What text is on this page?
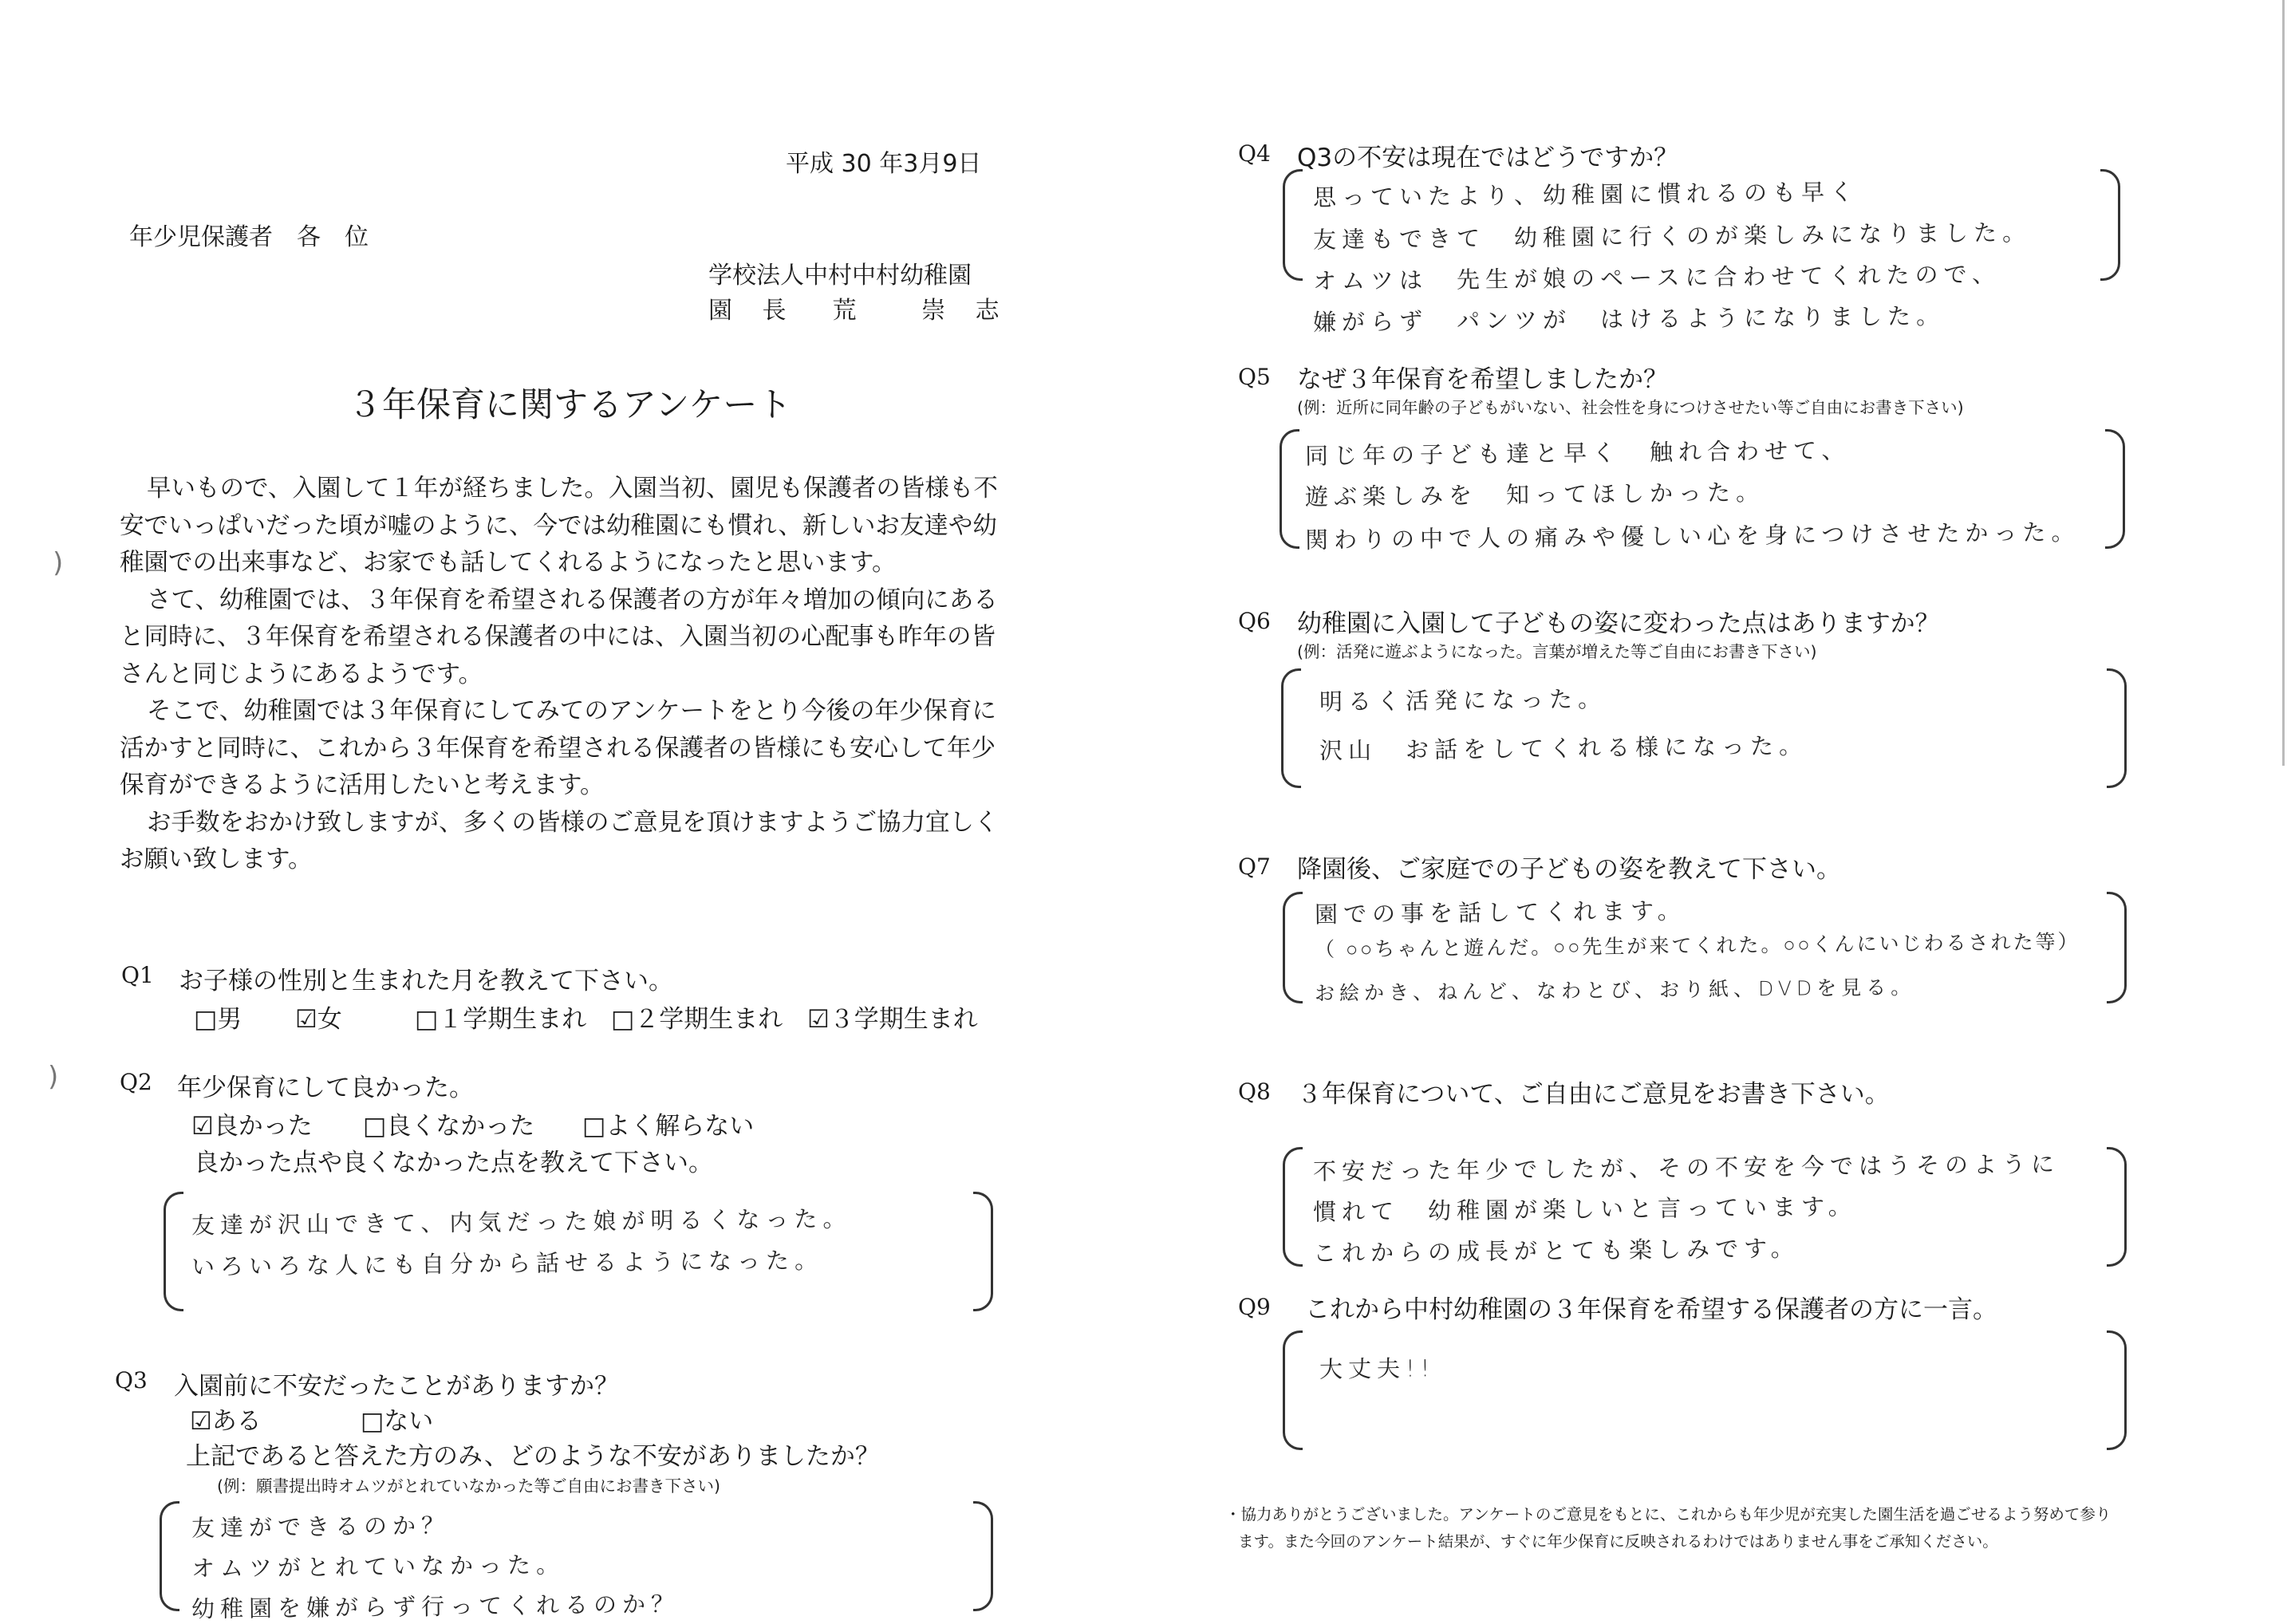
平成 30 年3月9日
年少児保護者　各　位
学校法人中村中村幼稚園
園 長　荒　 崇 志
３年保育に関するアンケート

早いもので、入園して１年が経ちました。入園当初、園児も保護者の皆様も不安でいっぱいだった頃が嘘のように、今では幼稚園にも慣れ、新しいお友達や幼稚園での出来事など、お家でも話してくれるようになったと思います。

さて、幼稚園では、３年保育を希望される保護者の方が年々増加の傾向にあると同時に、３年保育を希望される保護者の中には、入園当初の心配事も昨年の皆さんと同じようにあるようです。

そこで、幼稚園では３年保育にしてみてのアンケートをとり今後の年少保育に活かすと同時に、これから３年保育を希望される保護者の皆様にも安心して年少保育ができるように活用したいと考えます。

お手数をおかけ致しますが、多くの皆様のご意見を頂けますようご協力宜しくお願い致します。

Q1 お子様の性別と生まれた月を教えて下さい。
□男 ☑女	□１学期生まれ □２学期生まれ ☑３学期生まれ
Q2 年少保育にして良かった。
☑良かった □良くなかった □よく解らない
良かった点や良くなかった点を教えて下さい。
友達が沢山できて、内気だった娘が明るくなった。
いろいろな人にも自分から話せるようになった。
Q3 入園前に不安だったことがありますか？
☑ある	□ない
上記であると答えた方のみ、どのような不安がありましたか？
(例：願書提出時オムツがとれていなかった等ご自由にお書き下さい)
友達ができるのか？
オムツがとれていなかった。
幼稚園を嫌がらず行ってくれるのか？
)
)
Q4 Q3の不安は現在ではどうですか？
思っていたより、幼稚園に慣れるのも早く
友達もできて　幼稚園に行くのが楽しみになりました。
オムツは　先生が娘のペースに合わせてくれたので、
嫌がらず　パンツが　はけるようになりました。
Q5 なぜ３年保育を希望しましたか？
(例：近所に同年齢の子どもがいない、社会性を身につけさせたい等ご自由にお書き下さい)
同じ年の子ども達と早く　触れ合わせて、
遊ぶ楽しみを　知ってほしかった。
関わりの中で人の痛みや優しい心を身につけさせたかった。
Q6 幼稚園に入園して子どもの姿に変わった点はありますか？
(例：活発に遊ぶようになった。言葉が増えた等ご自由にお書き下さい)
明るく活発になった。
沢山　お話をしてくれる様になった。
Q7 降園後、ご家庭での子どもの姿を教えて下さい。
園での事を話してくれます。
（ ○○ちゃんと遊んだ。○○先生が来てくれた。○○くんにいじわるされた等）
お絵かき、ねんど、なわとび、おり紙、DVDを見る。
Q8 ３年保育について、ご自由にご意見をお書き下さい。
不安だった年少でしたが、その不安を今ではうそのように
慣れて　幼稚園が楽しいと言っています。
これからの成長がとても楽しみです。
Q9 これから中村幼稚園の３年保育を希望する保護者の方に一言。
大丈夫!!
・協力ありがとうございました。アンケートのご意見をもとに、これからも年少児が充実した園生活を過ごせるよう努めて参り
ます。また今回のアンケート結果が、すぐに年少保育に反映されるわけではありません事をご承知ください。
